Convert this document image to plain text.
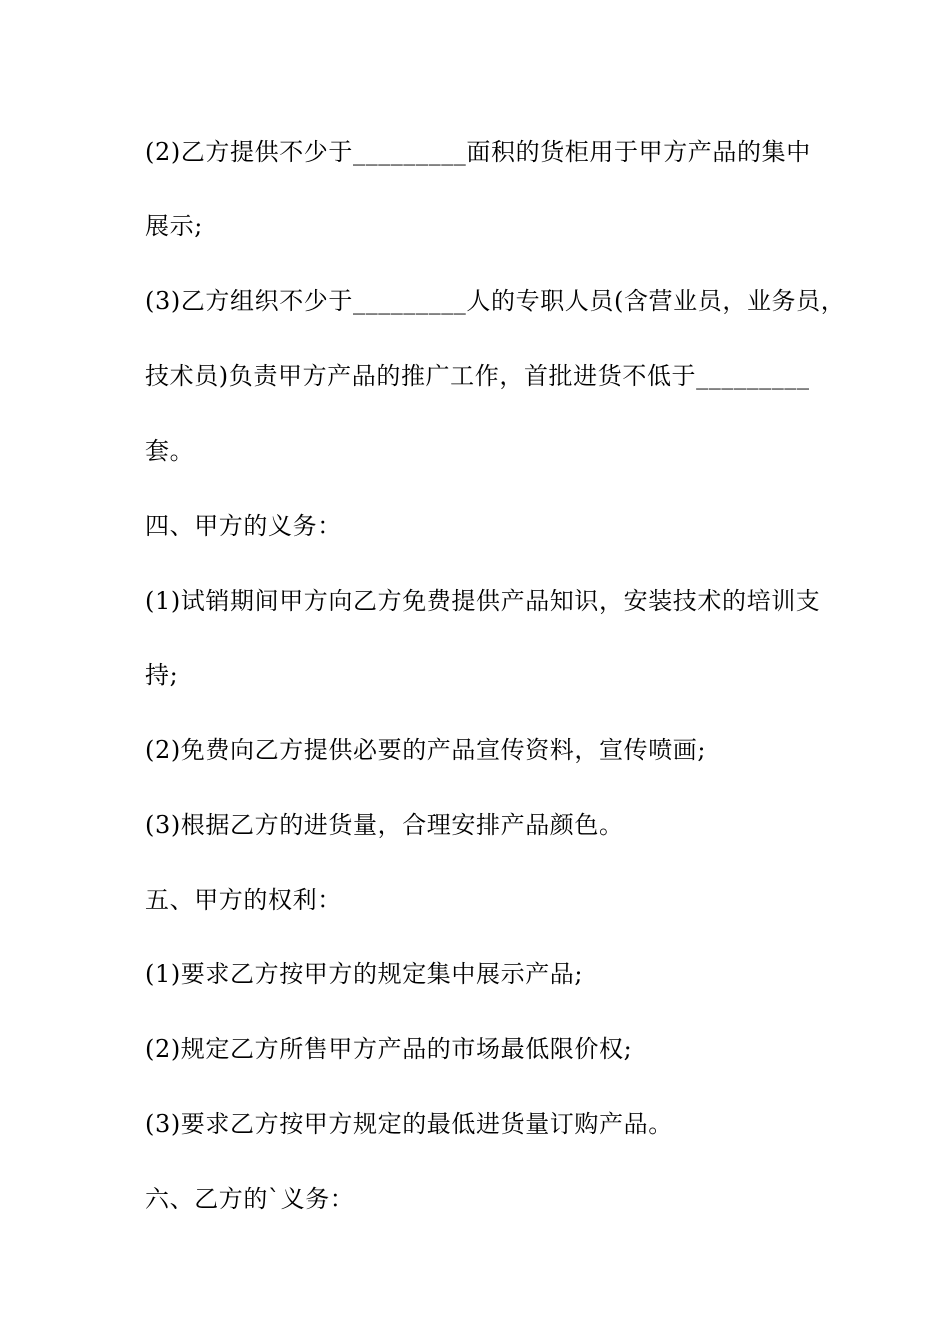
(2)乙方提供不少于_________面积的货柜用于甲方产品的集中
展示;
(3)乙方组织不少于_________人的专职人员(含营业员，业务员，
技术员)负责甲方产品的推广工作，首批进货不低于_________
套。
四、甲方的义务：
(1)试销期间甲方向乙方免费提供产品知识，安装技术的培训支
持;
(2)免费向乙方提供必要的产品宣传资料，宣传喷画;
(3)根据乙方的进货量，合理安排产品颜色。
五、甲方的权利：
(1)要求乙方按甲方的规定集中展示产品;
(2)规定乙方所售甲方产品的市场最低限价权;
(3)要求乙方按甲方规定的最低进货量订购产品。
六、乙方的`义务：
